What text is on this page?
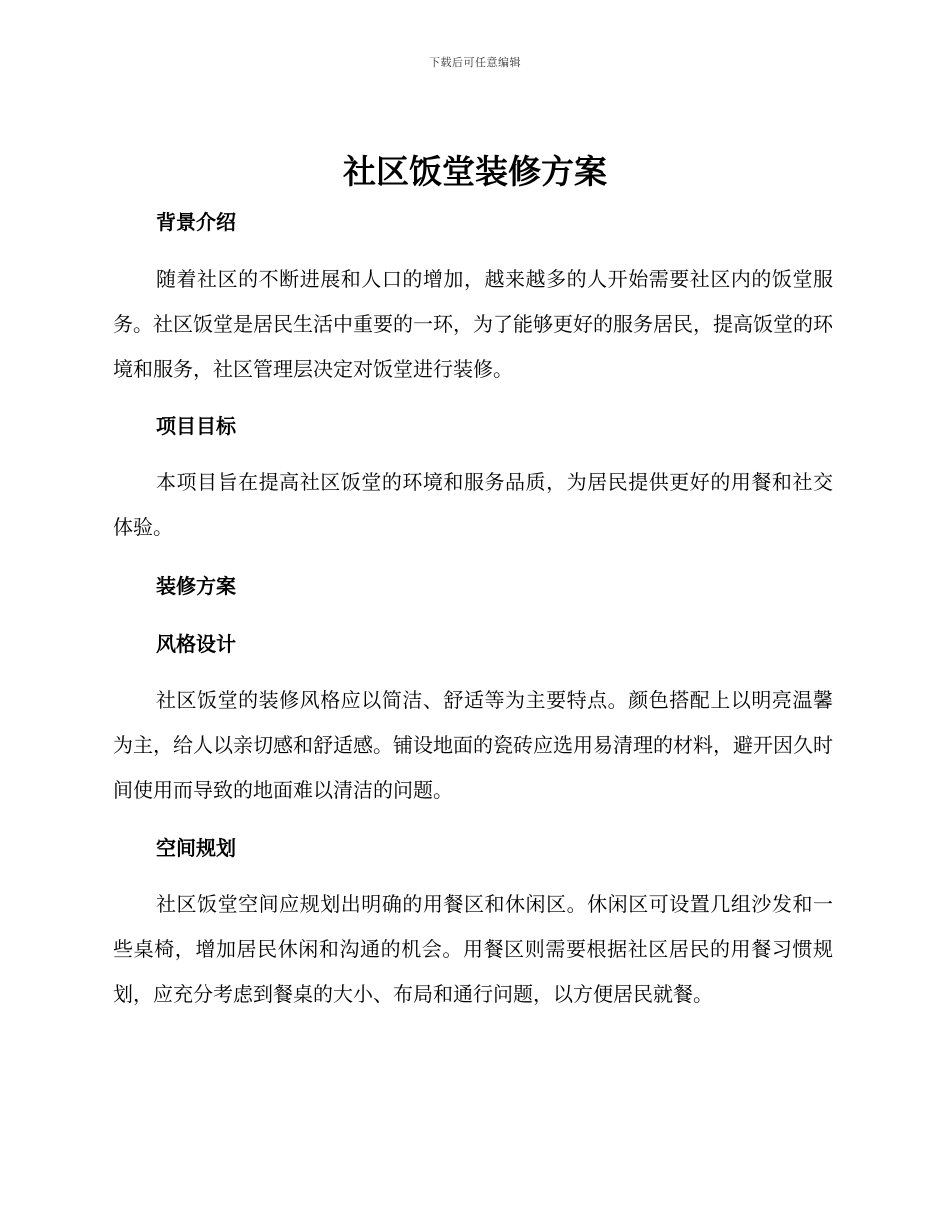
下载后可任意编辑
社区饭堂装修方案
背景介绍

随着社区的不断进展和人口的增加，越来越多的人开始需要社区内的饭堂服务。社区饭堂是居民生活中重要的一环，为了能够更好的服务居民，提高饭堂的环境和服务，社区管理层决定对饭堂进行装修。

项目目标

本项目旨在提高社区饭堂的环境和服务品质，为居民提供更好的用餐和社交体验。

装修方案
风格设计

社区饭堂的装修风格应以简洁、舒适等为主要特点。颜色搭配上以明亮温馨为主，给人以亲切感和舒适感。铺设地面的瓷砖应选用易清理的材料，避开因久时间使用而导致的地面难以清洁的问题。

空间规划

社区饭堂空间应规划出明确的用餐区和休闲区。休闲区可设置几组沙发和一些桌椅，增加居民休闲和沟通的机会。用餐区则需要根据社区居民的用餐习惯规划，应充分考虑到餐桌的大小、布局和通行问题，以方便居民就餐。
